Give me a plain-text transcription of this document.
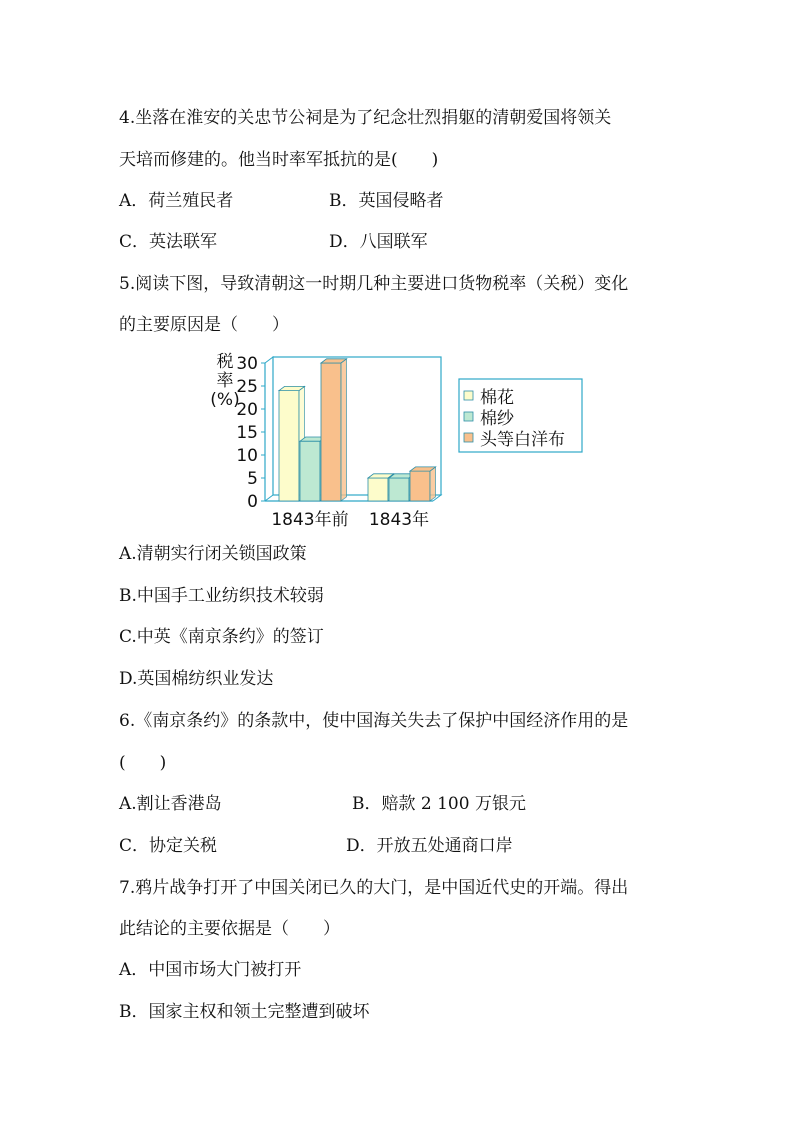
4.坐落在淮安的关忠节公祠是为了纪念壮烈捐躯的清朝爱国将领关
天培而修建的。他当时率军抵抗的是(　　)
A．荷兰殖民者	B．英国侵略者
C．英法联军	D．八国联军
5.阅读下图，导致清朝这一时期几种主要进口货物税率（关税）变化
的主要原因是（　　）
0
5
10
15
20
25
30
税
率
(%)
1843年前 1843年
棉花
棉纱
头等白洋布
A.清朝实行闭关锁国政策
B.中国手工业纺织技术较弱
C.中英《南京条约》的签订
D.英国棉纺织业发达
6.《南京条约》的条款中，使中国海关失去了保护中国经济作用的是
(　　)
A.割让香港岛	B．赔款 2 100 万银元
C．协定关税	D．开放五处通商口岸
7.鸦片战争打开了中国关闭已久的大门，是中国近代史的开端。得出
此结论的主要依据是（　　）
A．中国市场大门被打开
B．国家主权和领土完整遭到破坏
